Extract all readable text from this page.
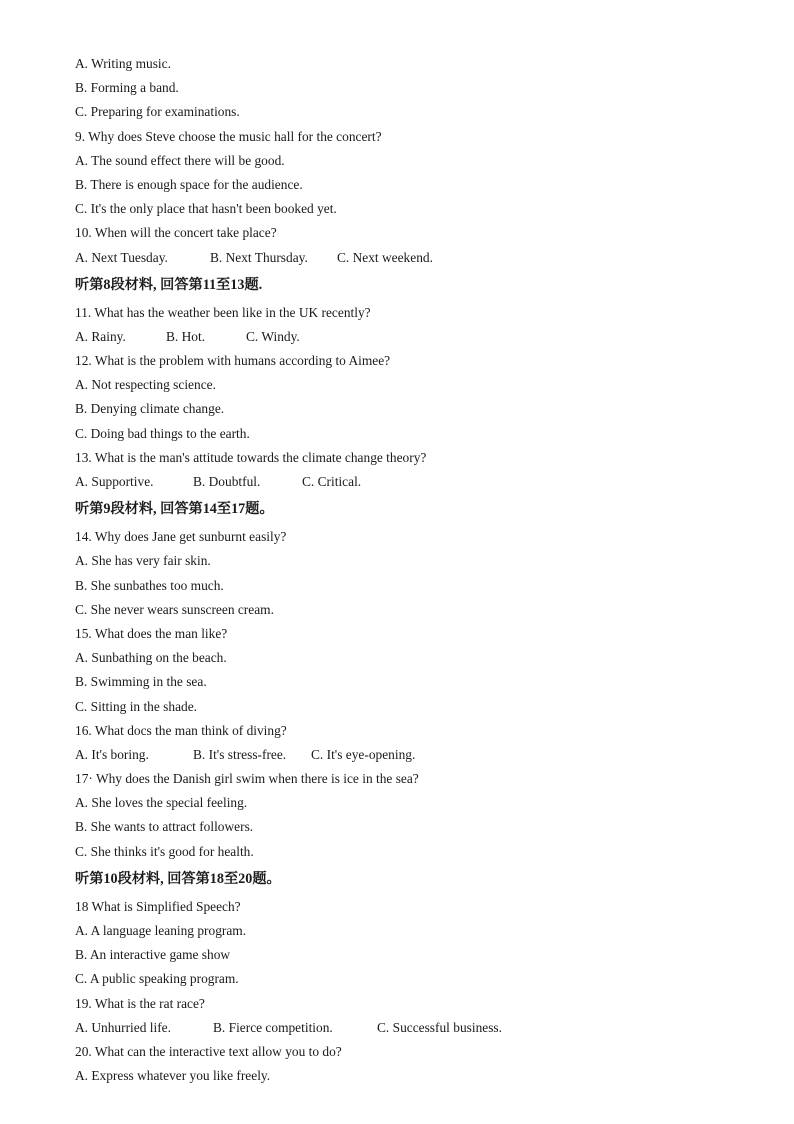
A. Writing music.
B. Forming a band.
C. Preparing for examinations.
9. Why does Steve choose the music hall for the concert?
A. The sound effect there will be good.
B. There is enough space for the audience.
C. It's the only place that hasn't been booked yet.
10. When will the concert take place?
A. Next Tuesday.	B. Next Thursday. C. Next weekend.
听第8段材料, 回答第11至13题.
11. What has the weather been like in the UK recently?
A. Rainy.	B. Hot.	C. Windy.
12. What is the problem with humans according to Aimee?
A. Not respecting science.
B. Denying climate change.
C. Doing bad things to the earth.
13. What is the man's attitude towards the climate change theory?
A. Supportive.	B. Doubtful.	C. Critical.
听第9段材料, 回答第14至17题。
14. Why does Jane get sunburnt easily?
A. She has very fair skin.
B. She sunbathes too much.
C. She never wears sunscreen cream.
15. What does the man like?
A. Sunbathing on the beach.
B. Swimming in the sea.
C. Sitting in the shade.
16. What docs the man think of diving?
A. It's boring.	B. It's stress-free. C. It's eye-opening.
17· Why does the Danish girl swim when there is ice in the sea?
A. She loves the special feeling.
B. She wants to attract followers.
C. She thinks it's good for health.
听第10段材料, 回答第18至20题。
18 What is Simplified Speech?
A. A language leaning program.
B. An interactive game show
C. A public speaking program.
19. What is the rat race?
A. Unhurried life.	B. Fierce competition.	C. Successful business.
20. What can the interactive text allow you to do?
A. Express whatever you like freely.
